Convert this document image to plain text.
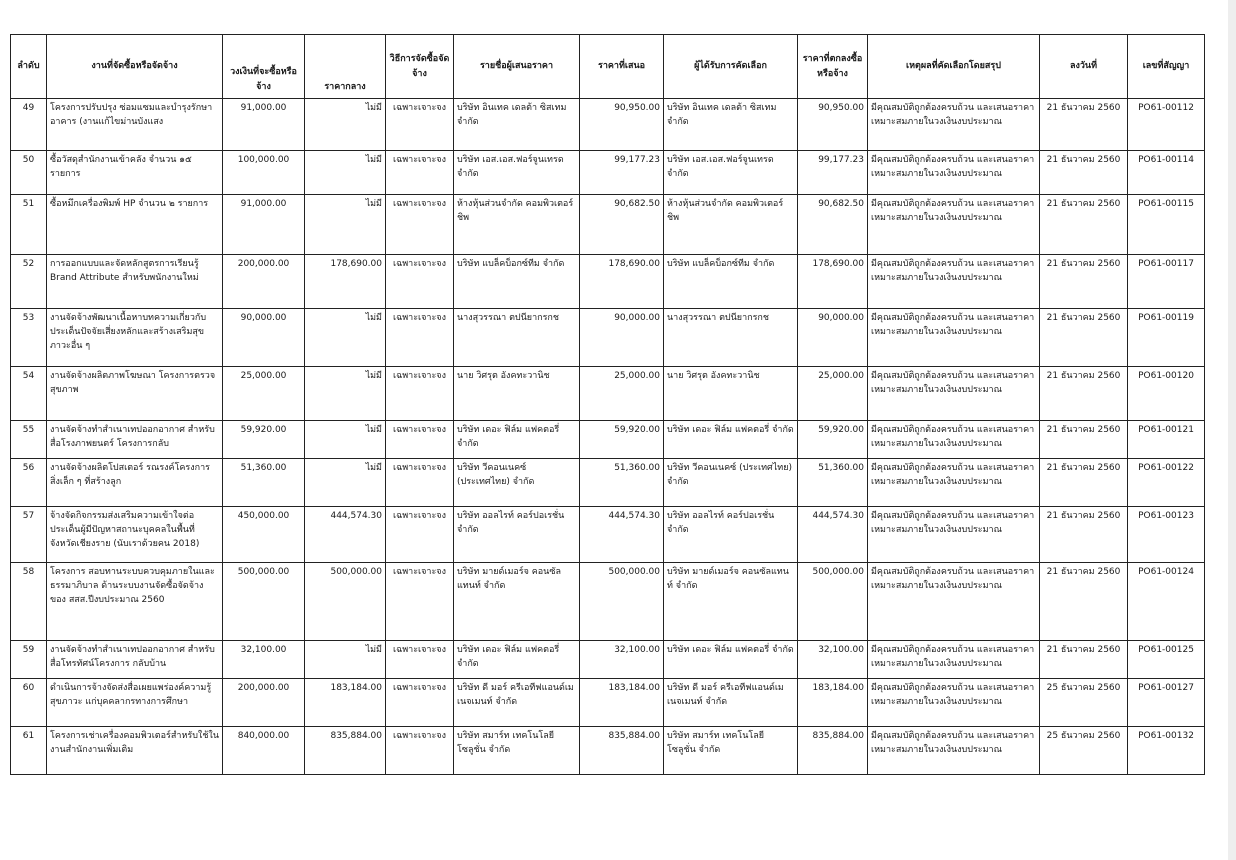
ลำดับ	งานที่จัดซื้อหรือจัดจ้าง	วงเงินที่จะซื้อหรือจ้าง	ราคากลาง	วิธีการจัดซื้อจัดจ้าง	รายชื่อผู้เสนอราคา	ราคาที่เสนอ	ผู้ได้รับการคัดเลือก	ราคาที่ตกลงซื้อหรือจ้าง	เหตุผลที่คัดเลือกโดยสรุป	ลงวันที่	เลขที่สัญญา
49	โครงการปรับปรุง ซ่อมแซมและบำรุงรักษาอาคาร (งานแก้ไขม่านบังแสง	91,000.00	ไม่มี	เฉพาะเจาะจง	บริษัท อินเทค เดลต้า ซิสเทม จำกัด	90,950.00	บริษัท อินเทค เดลต้า ซิสเทม จำกัด	90,950.00	มีคุณสมบัติถูกต้องครบถ้วน และเสนอราคาเหมาะสมภายในวงเงินงบประมาณ	21 ธันวาคม 2560	PO61-00112
50	ซื้อวัสดุสำนักงานเข้าคลัง จำนวน ๑๕ รายการ	100,000.00	ไม่มี	เฉพาะเจาะจง	บริษัท เอส.เอส.ฟอร์จูนเทรด จำกัด	99,177.23	บริษัท เอส.เอส.ฟอร์จูนเทรด จำกัด	99,177.23	มีคุณสมบัติถูกต้องครบถ้วน และเสนอราคาเหมาะสมภายในวงเงินงบประมาณ	21 ธันวาคม 2560	PO61-00114
51	ซื้อหมึกเครื่องพิมพ์ HP จำนวน ๒ รายการ	91,000.00	ไม่มี	เฉพาะเจาะจง	ห้างหุ้นส่วนจำกัด คอมพิวเตอร์ ชิพ	90,682.50	ห้างหุ้นส่วนจำกัด คอมพิวเตอร์ ชิพ	90,682.50	มีคุณสมบัติถูกต้องครบถ้วน และเสนอราคาเหมาะสมภายในวงเงินงบประมาณ	21 ธันวาคม 2560	PO61-00115
52	การออกแบบและจัดหลักสูตรการเรียนรู้ Brand Attribute สำหรับพนักงานใหม่	200,000.00	178,690.00	เฉพาะเจาะจง	บริษัท แบล็คบ็อกซ์ทีม จำกัด	178,690.00	บริษัท แบล็คบ็อกซ์ทีม จำกัด	178,690.00	มีคุณสมบัติถูกต้องครบถ้วน และเสนอราคาเหมาะสมภายในวงเงินงบประมาณ	21 ธันวาคม 2560	PO61-00117
53	งานจัดจ้างพัฒนาเนื้อหาบทความเกี่ยวกับประเด็นปัจจัยเสี่ยงหลักและสร้างเสริมสุขภาวะอื่น ๆ	90,000.00	ไม่มี	เฉพาะเจาะจง	นางสุวรรณา ตปนียากรกช	90,000.00	นางสุวรรณา ตปนียากรกช	90,000.00	มีคุณสมบัติถูกต้องครบถ้วน และเสนอราคาเหมาะสมภายในวงเงินงบประมาณ	21 ธันวาคม 2560	PO61-00119
54	งานจัดจ้างผลิตภาพโฆษณา โครงการตรวจสุขภาพ	25,000.00	ไม่มี	เฉพาะเจาะจง	นาย วิศรุต อังคทะวานิช	25,000.00	นาย วิศรุต อังคทะวานิช	25,000.00	มีคุณสมบัติถูกต้องครบถ้วน และเสนอราคาเหมาะสมภายในวงเงินงบประมาณ	21 ธันวาคม 2560	PO61-00120
55	งานจัดจ้างทำสำเนาเทปออกอากาศ สำหรับสื่อโรงภาพยนตร์ โครงการกลับ	59,920.00	ไม่มี	เฉพาะเจาะจง	บริษัท เดอะ ฟิล์ม แฟคตอรี่ จำกัด	59,920.00	บริษัท เดอะ ฟิล์ม แฟคตอรี่ จำกัด	59,920.00	มีคุณสมบัติถูกต้องครบถ้วน และเสนอราคาเหมาะสมภายในวงเงินงบประมาณ	21 ธันวาคม 2560	PO61-00121
56	งานจัดจ้างผลิตโปสเตอร์ รณรงค์โครงการสิ่งเล็ก ๆ ที่สร้างลูก	51,360.00	ไม่มี	เฉพาะเจาะจง	บริษัท วีคอนเนคซ์ (ประเทศไทย) จำกัด	51,360.00	บริษัท วีคอนเนคซ์ (ประเทศไทย) จำกัด	51,360.00	มีคุณสมบัติถูกต้องครบถ้วน และเสนอราคาเหมาะสมภายในวงเงินงบประมาณ	21 ธันวาคม 2560	PO61-00122
57	จ้างจัดกิจกรรมส่งเสริมความเข้าใจต่อประเด็นผู้มีปัญหาสถานะบุคคลในพื้นที่จังหวัดเชียงราย (นับเราด้วยคน 2018)	450,000.00	444,574.30	เฉพาะเจาะจง	บริษัท ออลไรท์ คอร์ปอเรชั่น จำกัด	444,574.30	บริษัท ออลไรท์ คอร์ปอเรชั่น จำกัด	444,574.30	มีคุณสมบัติถูกต้องครบถ้วน และเสนอราคาเหมาะสมภายในวงเงินงบประมาณ	21 ธันวาคม 2560	PO61-00123
58	โครงการ สอบทานระบบควบคุมภายในและธรรมาภิบาล ด้านระบบงานจัดซื้อจัดจ้าง ของ สสส.ปีงบประมาณ 2560	500,000.00	500,000.00	เฉพาะเจาะจง	บริษัท มายด์เมอร์จ คอนซัลแทนท์ จำกัด	500,000.00	บริษัท มายด์เมอร์จ คอนซัลแทนท์ จำกัด	500,000.00	มีคุณสมบัติถูกต้องครบถ้วน และเสนอราคาเหมาะสมภายในวงเงินงบประมาณ	21 ธันวาคม 2560	PO61-00124
59	งานจัดจ้างทำสำเนาเทปออกอากาศ สำหรับสื่อโทรทัศน์โครงการ กลับบ้าน	32,100.00	ไม่มี	เฉพาะเจาะจง	บริษัท เดอะ ฟิล์ม แฟคตอรี่ จำกัด	32,100.00	บริษัท เดอะ ฟิล์ม แฟคตอรี่ จำกัด	32,100.00	มีคุณสมบัติถูกต้องครบถ้วน และเสนอราคาเหมาะสมภายในวงเงินงบประมาณ	21 ธันวาคม 2560	PO61-00125
60	ดำเนินการจ้างจัดส่งสื่อเผยแพร่องค์ความรู้สุขภาวะ แก่บุคคลากรทางการศึกษา	200,000.00	183,184.00	เฉพาะเจาะจง	บริษัท ดี มอร์ ครีเอทีฟแอนด์เมเนจเมนท์ จำกัด	183,184.00	บริษัท ดี มอร์ ครีเอทีฟแอนด์เมเนจเมนท์ จำกัด	183,184.00	มีคุณสมบัติถูกต้องครบถ้วน และเสนอราคาเหมาะสมภายในวงเงินงบประมาณ	25 ธันวาคม 2560	PO61-00127
61	โครงการเช่าเครื่องคอมพิวเตอร์สำหรับใช้ในงานสำนักงานเพิ่มเติม	840,000.00	835,884.00	เฉพาะเจาะจง	บริษัท สมาร์ท เทคโนโลยี โซลูชั่น จำกัด	835,884.00	บริษัท สมาร์ท เทคโนโลยี โซลูชั่น จำกัด	835,884.00	มีคุณสมบัติถูกต้องครบถ้วน และเสนอราคาเหมาะสมภายในวงเงินงบประมาณ	25 ธันวาคม 2560	PO61-00132
